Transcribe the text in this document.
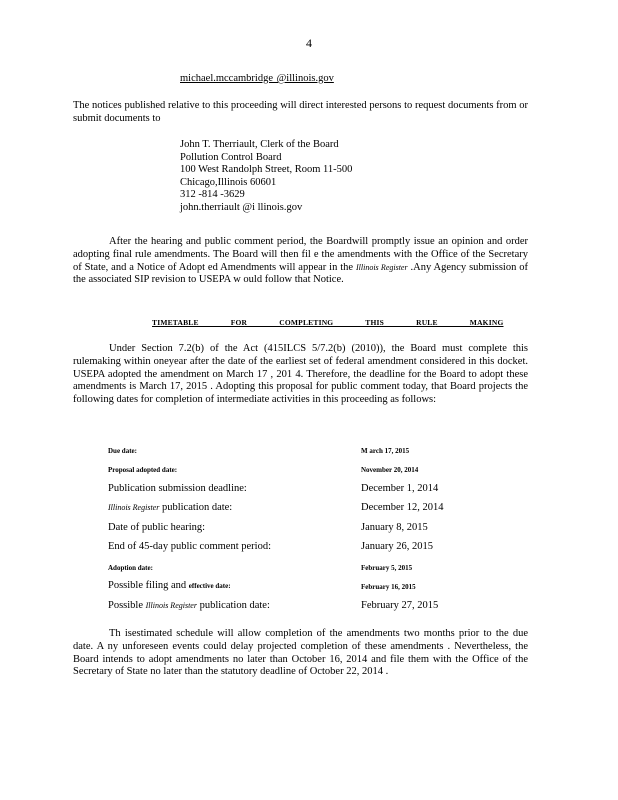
4
michael.mccambridge @illinois.gov

The notices published relative to this proceeding will direct interested persons to request documents from or submit documents to

John T. Therriault, Clerk of the Board
Pollution Control Board
100 West Randolph Street, Room 11-500
Chicago,Illinois 60601
312 -814 -3629
john.therriault @i llinois.gov

After the hearing and public comment period, the Boardwill promptly issue an opinion and order adopting final rule amendments. The Board will then fil e the amendments with the Office of the Secretary of State, and a Notice of Adopt ed Amendments will appear in the Illinois Register .Any Agency submission of the associated SIP revision to USEPA w ould follow that Notice.

TIMETABLE FOR COMPLETING THIS RULE MAKING

Under Section 7.2(b) of the Act (415ILCS 5/7.2(b) (2010)), the Board must complete this rulemaking within oneyear after the date of the earliest set of federal amendment considered in this docket. USEPA adopted the amendment on March 17 , 201 4. Therefore, the deadline for the Board to adopt these amendments is March 17, 2015 . Adopting this proposal for public comment today, that Board projects the following dates for completion of intermediate activities in this proceeding as follows:

Due date:	M arch 17, 2015
Proposal adopted date:	November 20, 2014
Publication submission deadline:	December 1, 2014
Illinois Register publication date:	December 12, 2014
Date of public hearing:	January 8, 2015
End of 45-day public comment period:	January 26, 2015
Adoption date:	February 5, 2015
Possible filing and effective date:	February 16, 2015
Possible Illinois Register publication date:	February 27, 2015

Th isestimated schedule will allow completion of the amendments two months prior to the due date. A ny unforeseen events could delay projected completion of these amendments . Nevertheless, the Board intends to adopt amendments no later than October 16, 2014 and file them with the Office of the Secretary of State no later than the statutory deadline of October 22, 2014 .
